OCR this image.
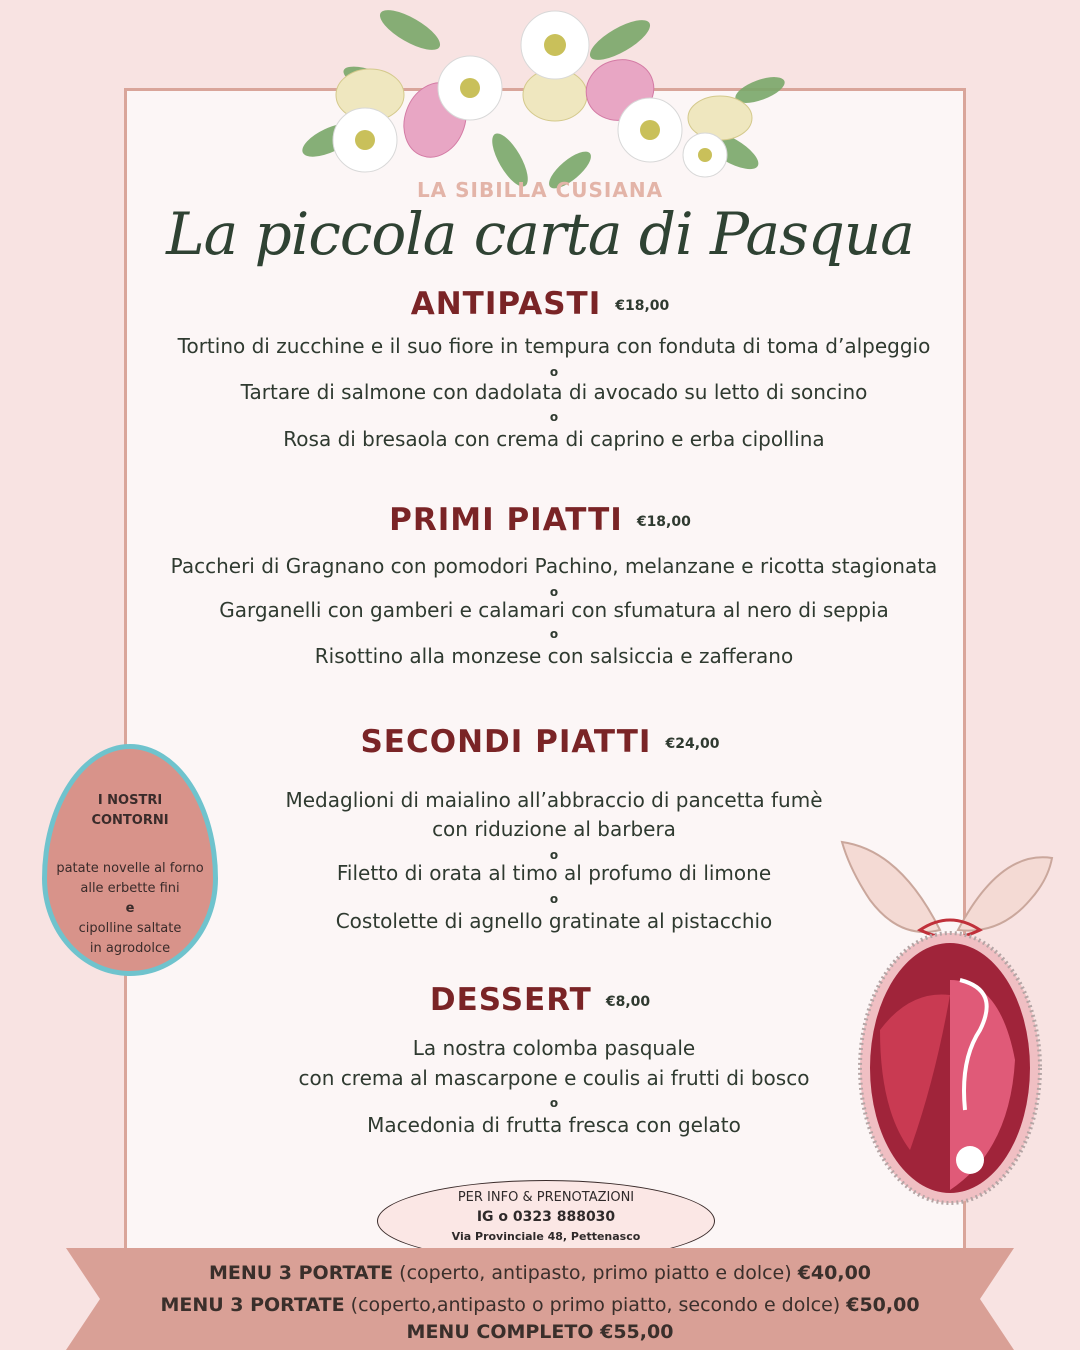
LA SIBILLA CUSIANA
La piccola carta di Pasqua
ANTIPASTI €18,00
Tortino di zucchine e il suo fiore in tempura con fonduta di toma d’alpeggio
o
Tartare di salmone con dadolata di avocado su letto di soncino
o
Rosa di bresaola con crema di caprino e erba cipollina
PRIMI PIATTI €18,00
Paccheri di Gragnano con pomodori Pachino, melanzane e ricotta stagionata
o
Garganelli con gamberi e calamari con sfumatura al nero di seppia
o
Risottino alla monzese con salsiccia e zafferano
SECONDI PIATTI €24,00
Medaglioni di maialino all’abbraccio di pancetta fumè
con riduzione al barbera
o
Filetto di orata al timo al profumo di limone
o
Costolette di agnello gratinate al pistacchio
DESSERT €8,00
La nostra colomba pasquale
con crema al mascarpone e coulis ai frutti di bosco
o
Macedonia di frutta fresca con gelato
I NOSTRI
CONTORNI
patate novelle al forno
alle erbette fini
e
cipolline saltate
in agrodolce
PER INFO & PRENOTAZIONI
IG o 0323 888030
Via Provinciale 48, Pettenasco
MENU 3 PORTATE (coperto, antipasto, primo piatto e dolce) €40,00
MENU 3 PORTATE (coperto,antipasto o primo piatto, secondo e dolce) €50,00
MENU COMPLETO €55,00
